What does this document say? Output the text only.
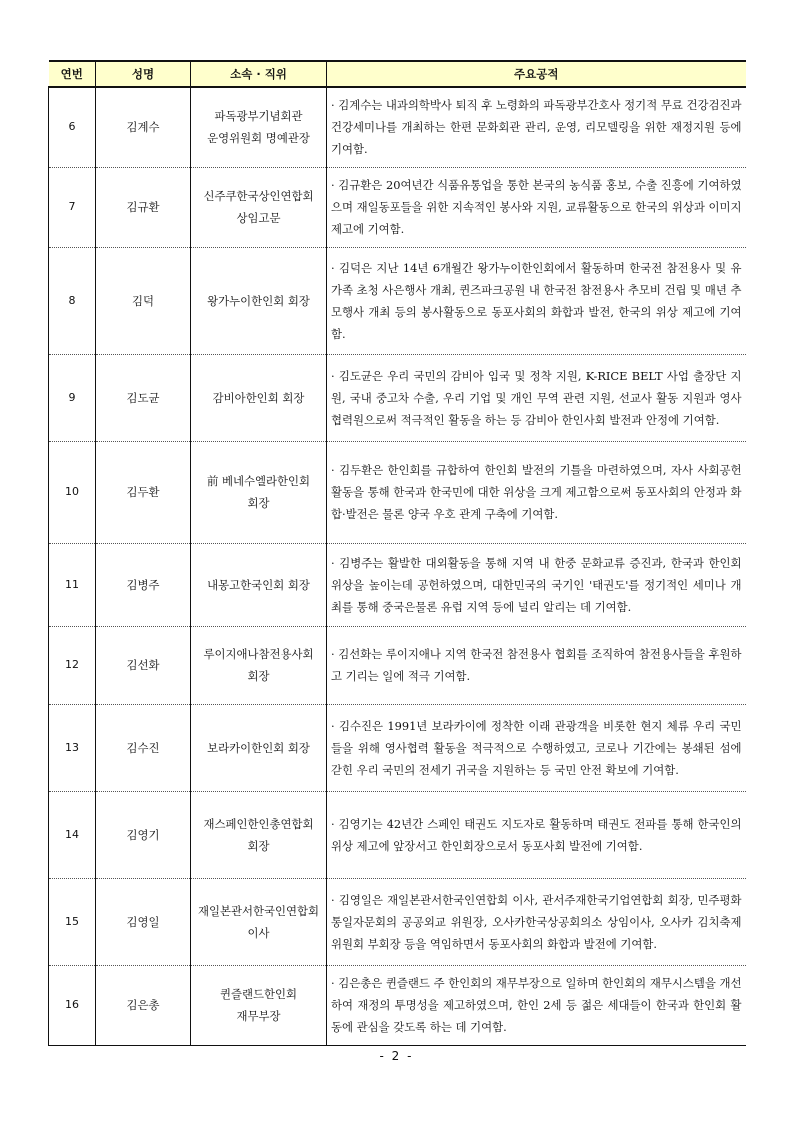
연번	성명	소속 · 직위	주요공적
6	김계수	파독광부기념회관
운영위원회 명예관장	· 김계수는 내과의학박사 퇴직 후 노령화의 파독광부간호사 정기적 무료 건강검진과 건강세미나를 개최하는 한편 문화회관 관리, 운영, 리모델링을 위한 재정지원 등에 기여함.
7	김규환	신주쿠한국상인연합회
상임고문	· 김규환은 20여년간 식품유통업을 통한 본국의 농식품 홍보, 수출 진흥에 기여하였으며 재일동포들을 위한 지속적인 봉사와 지원, 교류활동으로 한국의 위상과 이미지 제고에 기여함.
8	김덕	왕가누이한인회 회장	· 김덕은 지난 14년 6개월간 왕가누이한인회에서 활동하며 한국전 참전용사 및 유가족 초청 사은행사 개최, 퀸즈파크공원 내 한국전 참전용사 추모비 건립 및 매년 추모행사 개최 등의 봉사활동으로 동포사회의 화합과 발전, 한국의 위상 제고에 기여함.
9	김도균	감비아한인회 회장	· 김도균은 우리 국민의 감비아 입국 및 정착 지원, K-RICE BELT 사업 출장단 지원, 국내 중고차 수출, 우리 기업 및 개인 무역 관련 지원, 선교사 활동 지원과 영사협력원으로써 적극적인 활동을 하는 등 감비아 한인사회 발전과 안정에 기여함.
10	김두환	前 베네수엘라한인회
회장	· 김두환은 한인회를 규합하여 한인회 발전의 기틀을 마련하였으며, 자사 사회공헌활동을 통해 한국과 한국민에 대한 위상을 크게 제고함으로써 동포사회의 안정과 화합·발전은 물론 양국 우호 관계 구축에 기여함.
11	김병주	내몽고한국인회 회장	· 김병주는 활발한 대외활동을 통해 지역 내 한중 문화교류 증진과, 한국과 한인회 위상을 높이는데 공헌하였으며, 대한민국의 국기인 '태권도'를 정기적인 세미나 개최를 통해 중국은물론 유럽 지역 등에 널리 알리는 데 기여함.
12	김선화	루이지애나참전용사회
회장	· 김선화는 루이지애나 지역 한국전 참전용사 협회를 조직하여 참전용사들을 후원하고 기리는 일에 적극 기여함.
13	김수진	보라카이한인회 회장	· 김수진은 1991년 보라카이에 정착한 이래 관광객을 비롯한 현지 체류 우리 국민들을 위해 영사협력 활동을 적극적으로 수행하였고, 코로나 기간에는 봉쇄된 섬에 갇힌 우리 국민의 전세기 귀국을 지원하는 등 국민 안전 확보에 기여함.
14	김영기	재스페인한인총연합회
회장	· 김영기는 42년간 스페인 태권도 지도자로 활동하며 태권도 전파를 통해 한국인의 위상 제고에 앞장서고 한인회장으로서 동포사회 발전에 기여함.
15	김영일	재일본관서한국인연합회
이사	· 김영일은 재일본관서한국인연합회 이사, 관서주재한국기업연합회 회장, 민주평화통일자문회의 공공외교 위원장, 오사카한국상공회의소 상임이사, 오사카 김치축제 위원회 부회장 등을 역임하면서 동포사회의 화합과 발전에 기여함.
16	김은총	퀸즐랜드한인회
재무부장	· 김은총은 퀸즐랜드 주 한인회의 재무부장으로 일하며 한인회의 재무시스템을 개선하여 재정의 투명성을 제고하였으며, 한인 2세 등 젊은 세대들이 한국과 한인회 활동에 관심을 갖도록 하는 데 기여함.
- 2 -
